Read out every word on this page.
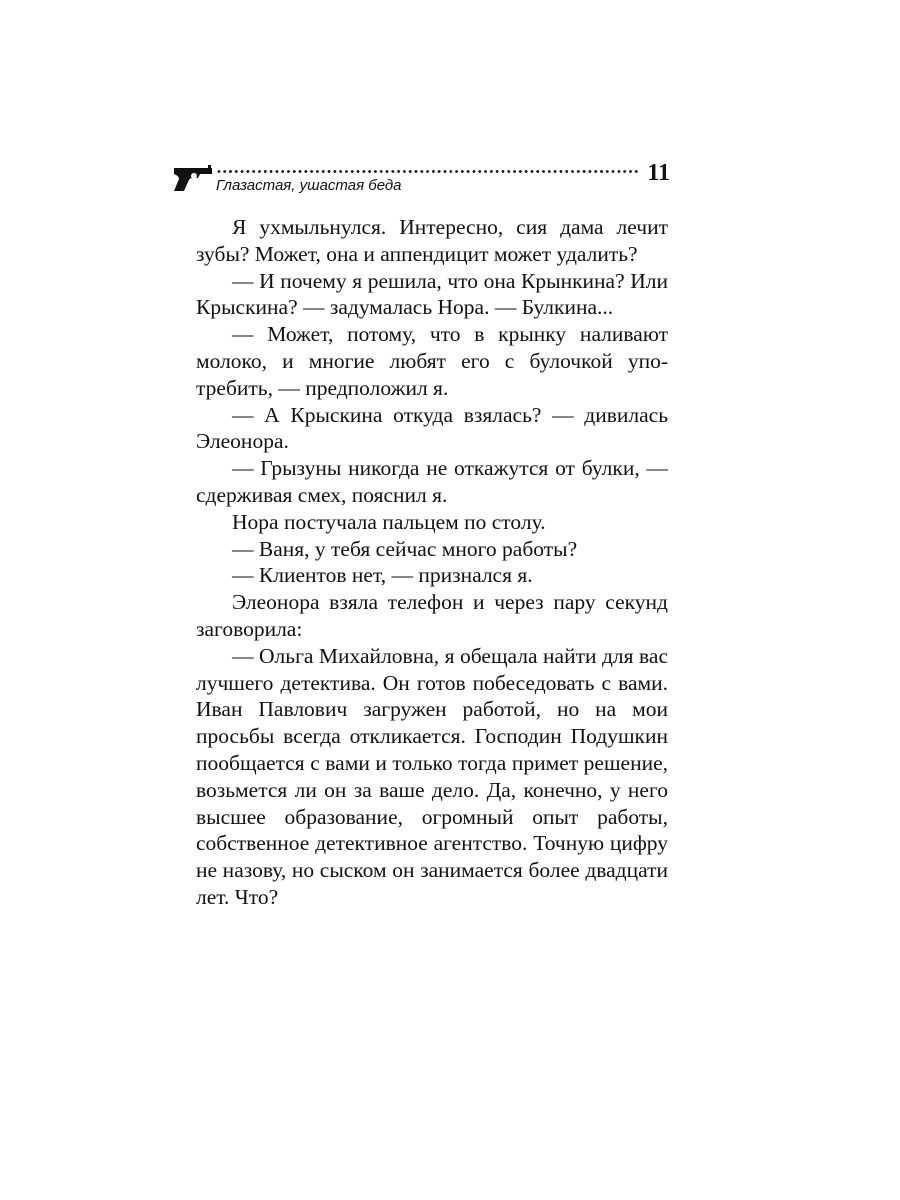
Глазастая, ушастая беда	11

Я ухмыльнулся. Интересно, сия дама лечит зубы? Может, она и аппендицит может удалить?

— И почему я решила, что она Крынкина? Или Крыскина? — задумалась Нора. — Булкина...

— Может, потому, что в крынку наливают молоко, и многие любят его с булочкой употребить, — предположил я.

— А Крыскина откуда взялась? — дивилась Элеонора.

— Грызуны никогда не откажутся от булки, — сдерживая смех, пояснил я.

Нора постучала пальцем по столу.

— Ваня, у тебя сейчас много работы?

— Клиентов нет, — признался я.

Элеонора взяла телефон и через пару секунд заговорила:

— Ольга Михайловна, я обещала найти для вас лучшего детектива. Он готов побеседовать с вами. Иван Павлович загружен работой, но на мои просьбы всегда откликается. Господин Подушкин пообщается с вами и только тогда примет решение, возьмется ли он за ваше дело. Да, конечно, у него высшее образование, огромный опыт работы, собственное детективное агентство. Точную цифру не назову, но сыском он занимается более двадцати лет. Что?
